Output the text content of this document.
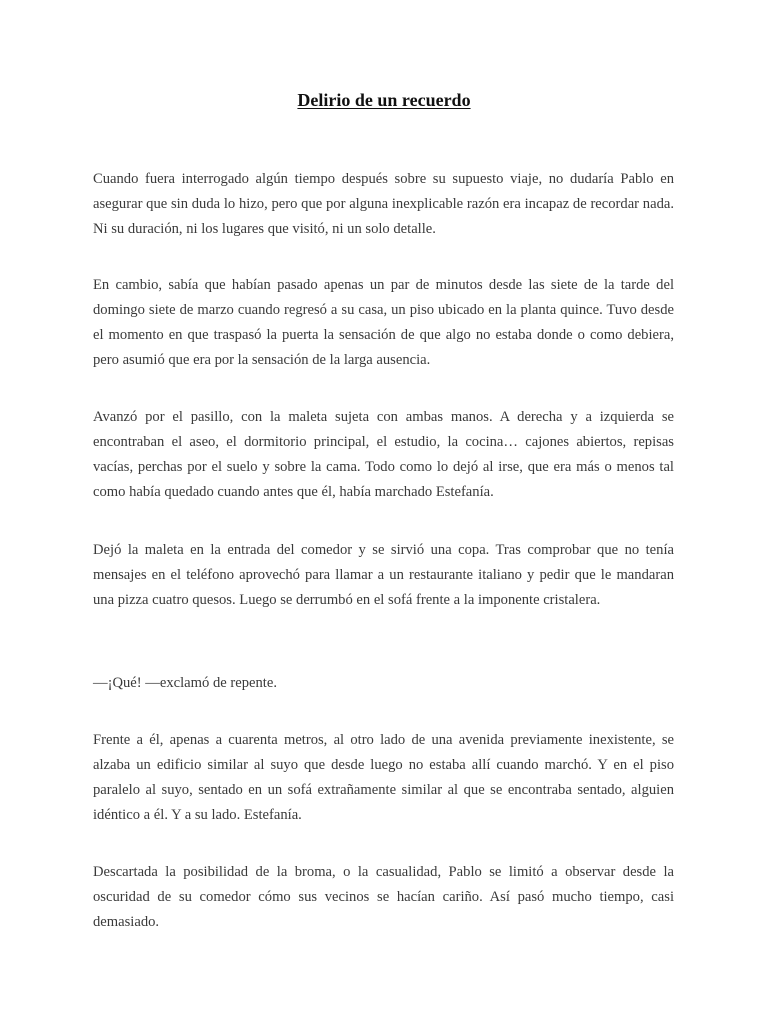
Delirio de un recuerdo

Cuando fuera interrogado algún tiempo después sobre su supuesto viaje, no dudaría Pablo en asegurar que sin duda lo hizo, pero que por alguna inexplicable razón era incapaz de recordar nada. Ni su duración, ni los lugares que visitó, ni un solo detalle.

En cambio, sabía que habían pasado apenas un par de minutos desde las siete de la tarde del domingo siete de marzo cuando regresó a su casa, un piso ubicado en la planta quince. Tuvo desde el momento en que traspasó la puerta la sensación de que algo no estaba donde o como debiera, pero asumió que era por la sensación de la larga ausencia.

Avanzó por el pasillo, con la maleta sujeta con ambas manos. A derecha y a izquierda se encontraban el aseo, el dormitorio principal, el estudio, la cocina… cajones abiertos, repisas vacías, perchas por el suelo y sobre la cama. Todo como lo dejó al irse, que era más o menos tal como había quedado cuando antes que él, había marchado Estefanía.

Dejó la maleta en la entrada del comedor y se sirvió una copa. Tras comprobar que no tenía mensajes en el teléfono aprovechó para llamar a un restaurante italiano y pedir que le mandaran una pizza cuatro quesos. Luego se derrumbó en el sofá frente a la imponente cristalera.

—¡Qué! —exclamó de repente.

Frente a él, apenas a cuarenta metros, al otro lado de una avenida previamente inexistente, se alzaba un edificio similar al suyo que desde luego no estaba allí cuando marchó. Y en el piso paralelo al suyo, sentado en un sofá extrañamente similar al que se encontraba sentado, alguien idéntico a él. Y a su lado. Estefanía.

Descartada la posibilidad de la broma, o la casualidad, Pablo se limitó a observar desde la oscuridad de su comedor cómo sus vecinos se hacían cariño. Así pasó mucho tiempo, casi demasiado.
